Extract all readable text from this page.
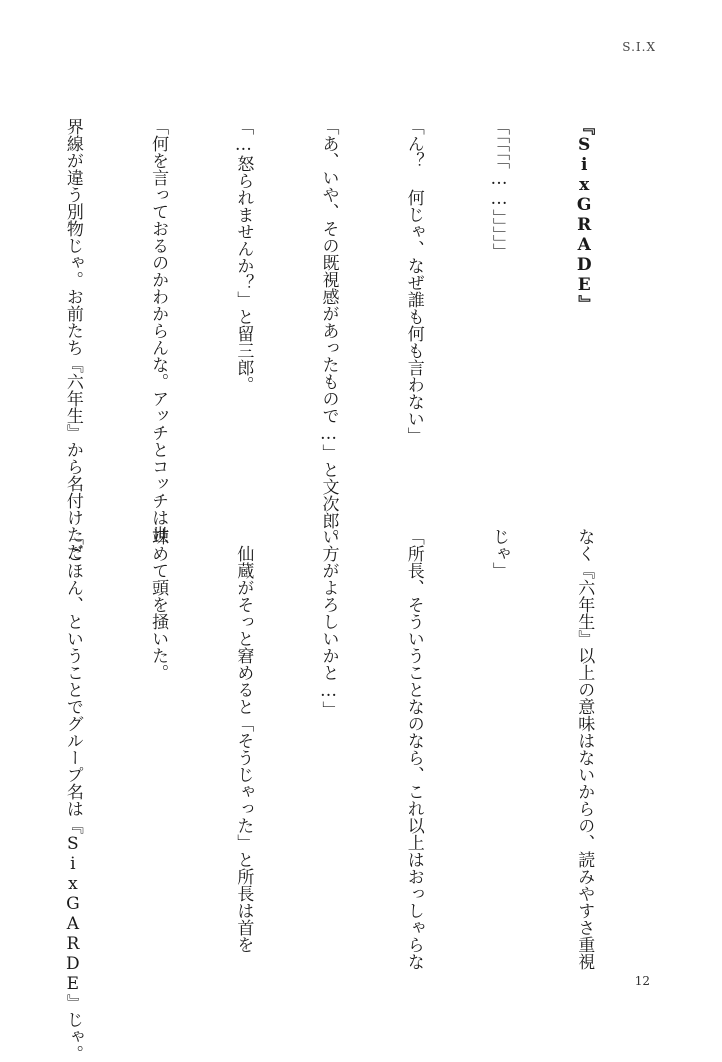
S.I.X

『SixGRADE』

「「「「「……」」」」」

「ん？ 何じゃ、なぜ誰も何も言わない」

「あ、いや、その既視感があったもので…」と文次郎。

「…怒られませんか？」と留三郎。

「何を言っておるのかわからんな。アッチとコッチは世

界線が違う別物じゃ。お前たち『六年生』から名付けただ

なく『六年生』以上の意味はないからの、読みやすさ重視

じゃ」

「所長、そういうことなのなら、これ以上はおっしゃらな

い方がよろしいかと…」

　仙蔵がそっと窘めると「そうじゃった」と所長は首を

竦めて頭を掻いた。

「ごほん、ということでグループ名は『SixGARDE』じゃ。

	12
